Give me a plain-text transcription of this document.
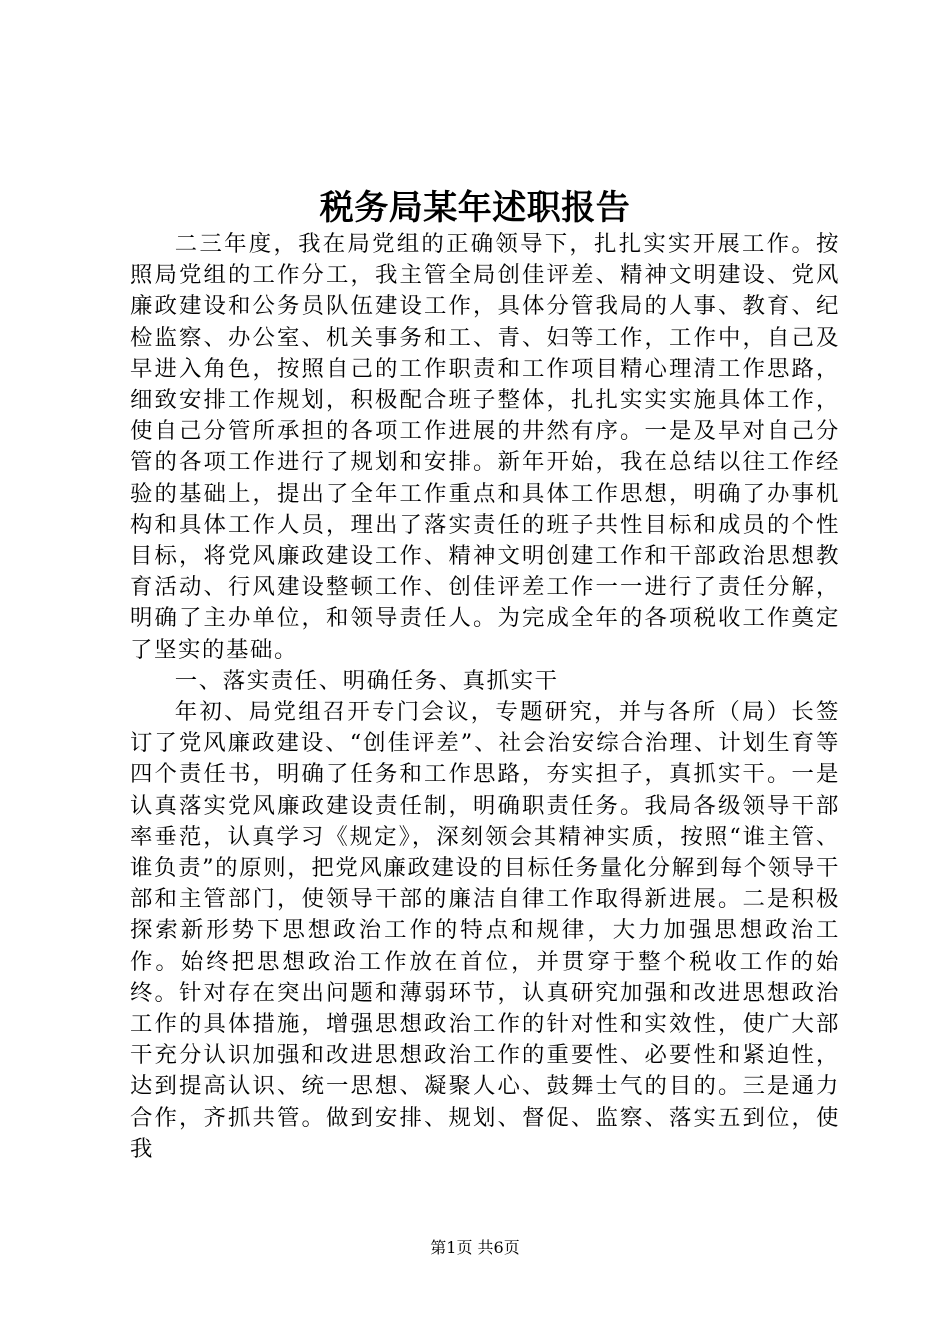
税务局某年述职报告

二三年度，我在局党组的正确领导下，扎扎实实开展工作。按照局党组的工作分工，我主管全局创佳评差、精神文明建设、党风廉政建设和公务员队伍建设工作，具体分管我局的人事、教育、纪检监察、办公室、机关事务和工、青、妇等工作，工作中，自己及早进入角色，按照自己的工作职责和工作项目精心理清工作思路，细致安排工作规划，积极配合班子整体，扎扎实实实施具体工作，使自己分管所承担的各项工作进展的井然有序。一是及早对自己分管的各项工作进行了规划和安排。新年开始，我在总结以往工作经验的基础上，提出了全年工作重点和具体工作思想，明确了办事机构和具体工作人员，理出了落实责任的班子共性目标和成员的个性目标，将党风廉政建设工作、精神文明创建工作和干部政治思想教育活动、行风建设整顿工作、创佳评差工作一一进行了责任分解，明确了主办单位，和领导责任人。为完成全年的各项税收工作奠定了坚实的基础。

一、落实责任、明确任务、真抓实干

年初、局党组召开专门会议，专题研究，并与各所（局）长签订了党风廉政建设、“创佳评差”、社会治安综合治理、计划生育等四个责任书，明确了任务和工作思路，夯实担子，真抓实干。一是认真落实党风廉政建设责任制，明确职责任务。我局各级领导干部率垂范，认真学习《规定》，深刻领会其精神实质，按照“谁主管、谁负责”的原则，把党风廉政建设的目标任务量化分解到每个领导干部和主管部门，使领导干部的廉洁自律工作取得新进展。二是积极探索新形势下思想政治工作的特点和规律，大力加强思想政治工作。始终把思想政治工作放在首位，并贯穿于整个税收工作的始终。针对存在突出问题和薄弱环节，认真研究加强和改进思想政治工作的具体措施，增强思想政治工作的针对性和实效性，使广大部干充分认识加强和改进思想政治工作的重要性、必要性和紧迫性，达到提高认识、统一思想、凝聚人心、鼓舞士气的目的。三是通力合作，齐抓共管。做到安排、规划、督促、监察、落实五到位，使我

第1页 共6页
